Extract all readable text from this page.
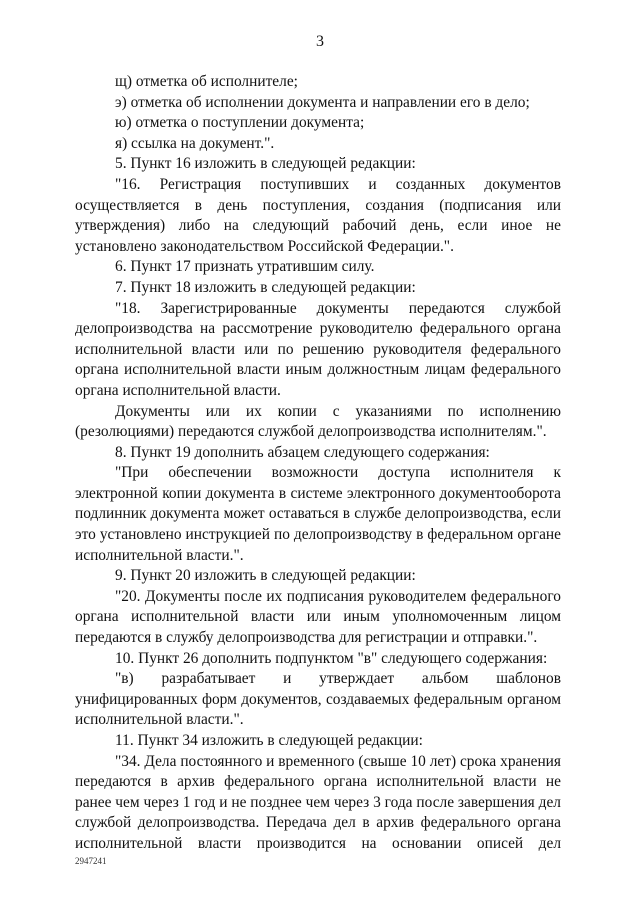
3

щ) отметка об исполнителе;

э) отметка об исполнении документа и направлении его в дело;

ю) отметка о поступлении документа;

я) ссылка на документ.".

5. Пункт 16 изложить в следующей редакции:

"16. Регистрация поступивших и созданных документов осуществляется в день поступления, создания (подписания или утверждения) либо на следующий рабочий день, если иное не установлено законодательством Российской Федерации.".

6. Пункт 17 признать утратившим силу.

7. Пункт 18 изложить в следующей редакции:

"18. Зарегистрированные документы передаются службой делопроизводства на рассмотрение руководителю федерального органа исполнительной власти или по решению руководителя федерального органа исполнительной власти иным должностным лицам федерального органа исполнительной власти.

Документы или их копии с указаниями по исполнению (резолюциями) передаются службой делопроизводства исполнителям.".

8. Пункт 19 дополнить абзацем следующего содержания:

"При обеспечении возможности доступа исполнителя к электронной копии документа в системе электронного документооборота подлинник документа может оставаться в службе делопроизводства, если это установлено инструкцией по делопроизводству в федеральном органе исполнительной власти.".

9. Пункт 20 изложить в следующей редакции:

"20. Документы после их подписания руководителем федерального органа исполнительной власти или иным уполномоченным лицом передаются в службу делопроизводства для регистрации и отправки.".

10. Пункт 26 дополнить подпунктом "в" следующего содержания:

"в) разрабатывает и утверждает альбом шаблонов унифицированных форм документов, создаваемых федеральным органом исполнительной власти.".

11. Пункт 34 изложить в следующей редакции:

"34. Дела постоянного и временного (свыше 10 лет) срока хранения передаются в архив федерального органа исполнительной власти не ранее чем через 1 год и не позднее чем через 3 года после завершения дел службой делопроизводства. Передача дел в архив федерального органа исполнительной власти производится на основании описей дел

2947241
